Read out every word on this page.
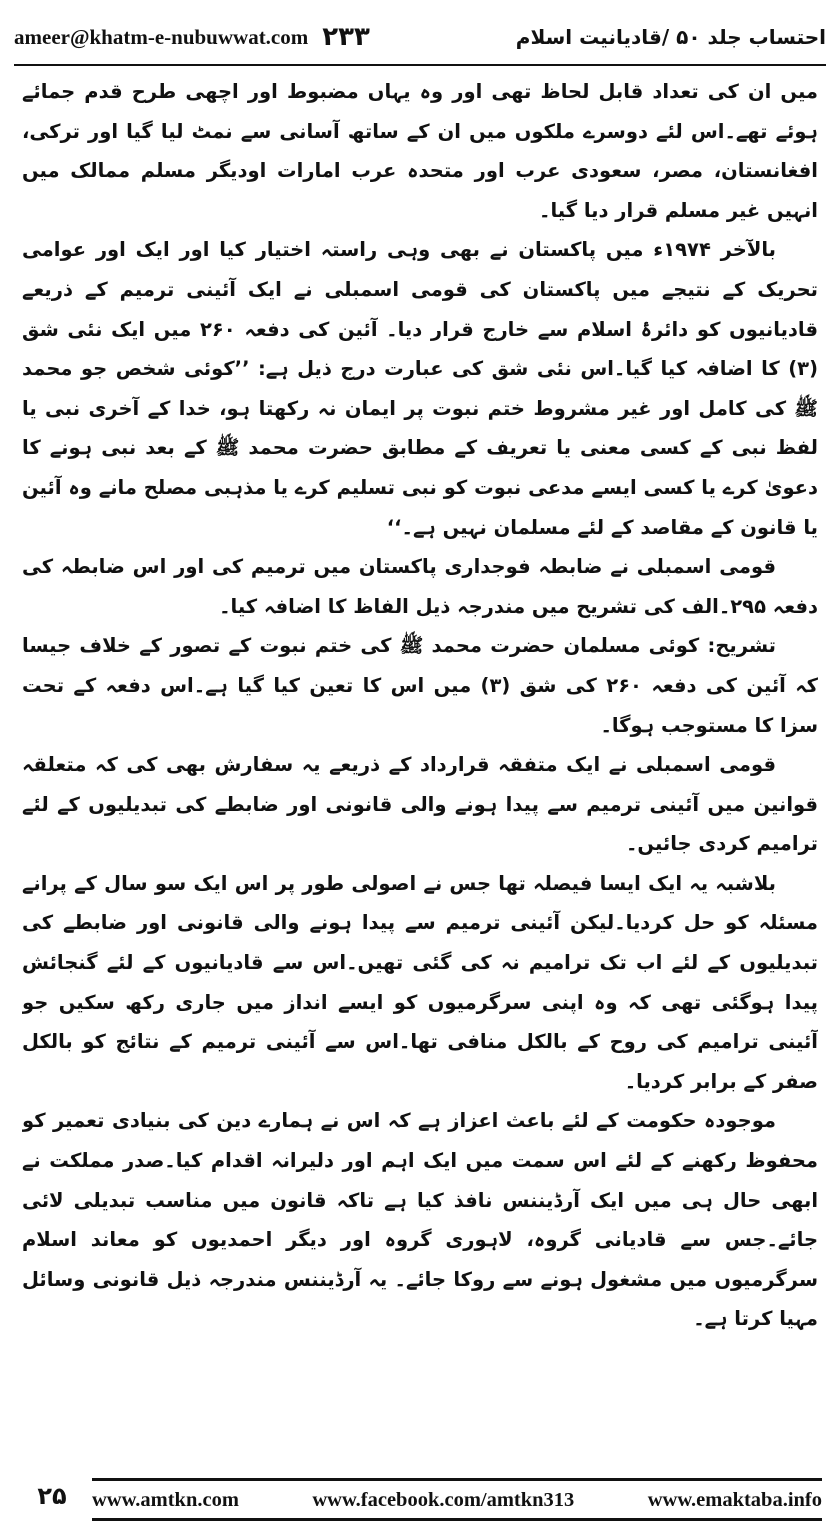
ameer@khatm-e-nubuwwat.com ۲۳۳	احتساب جلد ۵۰ /قادیانیت اسلام

میں ان کی تعداد قابل لحاظ تھی اور وہ یہاں مضبوط اور اچھی طرح قدم جمائے ہوئے تھے۔اس لئے دوسرے ملکوں میں ان کے ساتھ آسانی سے نمٹ لیا گیا اور ترکی، افغانستان، مصر، سعودی عرب اور متحدہ عرب امارات اودیگر مسلم ممالک میں انہیں غیر مسلم قرار دیا گیا۔

بالآخر ۱۹۷۴ء میں پاکستان نے بھی وہی راستہ اختیار کیا اور ایک اور عوامی تحریک کے نتیجے میں پاکستان کی قومی اسمبلی نے ایک آئینی ترمیم کے ذریعے قادیانیوں کو دائرۂ اسلام سے خارج قرار دیا۔ آئین کی دفعہ ۲۶۰ میں ایک نئی شق (۳) کا اضافہ کیا گیا۔اس نئی شق کی عبارت درج ذیل ہے: ’’کوئی شخص جو محمد ﷺ کی کامل اور غیر مشروط ختم نبوت پر ایمان نہ رکھتا ہو، خدا کے آخری نبی یا لفظ نبی کے کسی معنی یا تعریف کے مطابق حضرت محمد ﷺ کے بعد نبی ہونے کا دعویٰ کرے یا کسی ایسے مدعی نبوت کو نبی تسلیم کرے یا مذہبی مصلح مانے وہ آئین یا قانون کے مقاصد کے لئے مسلمان نہیں ہے۔‘‘

قومی اسمبلی نے ضابطہ فوجداری پاکستان میں ترمیم کی اور اس ضابطہ کی دفعہ ۲۹۵۔الف کی تشریح میں مندرجہ ذیل الفاظ کا اضافہ کیا۔

تشریح: کوئی مسلمان حضرت محمد ﷺ کی ختم نبوت کے تصور کے خلاف جیسا کہ آئین کی دفعہ ۲۶۰ کی شق (۳) میں اس کا تعین کیا گیا ہے۔اس دفعہ کے تحت سزا کا مستوجب ہوگا۔

قومی اسمبلی نے ایک متفقہ قرارداد کے ذریعے یہ سفارش بھی کی کہ متعلقہ قوانین میں آئینی ترمیم سے پیدا ہونے والی قانونی اور ضابطے کی تبدیلیوں کے لئے ترامیم کردی جائیں۔

بلاشبہ یہ ایک ایسا فیصلہ تھا جس نے اصولی طور پر اس ایک سو سال کے پرانے مسئلہ کو حل کردیا۔لیکن آئینی ترمیم سے پیدا ہونے والی قانونی اور ضابطے کی تبدیلیوں کے لئے اب تک ترامیم نہ کی گئی تھیں۔اس سے قادیانیوں کے لئے گنجائش پیدا ہوگئی تھی کہ وہ اپنی سرگرمیوں کو ایسے انداز میں جاری رکھ سکیں جو آئینی ترامیم کی روح کے بالکل منافی تھا۔اس سے آئینی ترمیم کے نتائج کو بالکل صفر کے برابر کردیا۔

موجودہ حکومت کے لئے باعث اعزاز ہے کہ اس نے ہمارے دین کی بنیادی تعمیر کو محفوظ رکھنے کے لئے اس سمت میں ایک اہم اور دلیرانہ اقدام کیا۔صدر مملکت نے ابھی حال ہی میں ایک آرڈیننس نافذ کیا ہے تاکہ قانون میں مناسب تبدیلی لائی جائے۔جس سے قادیانی گروہ، لاہوری گروہ اور دیگر احمدیوں کو معاند اسلام سرگرمیوں میں مشغول ہونے سے روکا جائے۔ یہ آرڈیننس مندرجہ ذیل قانونی وسائل مہیا کرتا ہے۔

۲۵	www.amtkn.com	www.facebook.com/amtkn313	www.emaktaba.info
